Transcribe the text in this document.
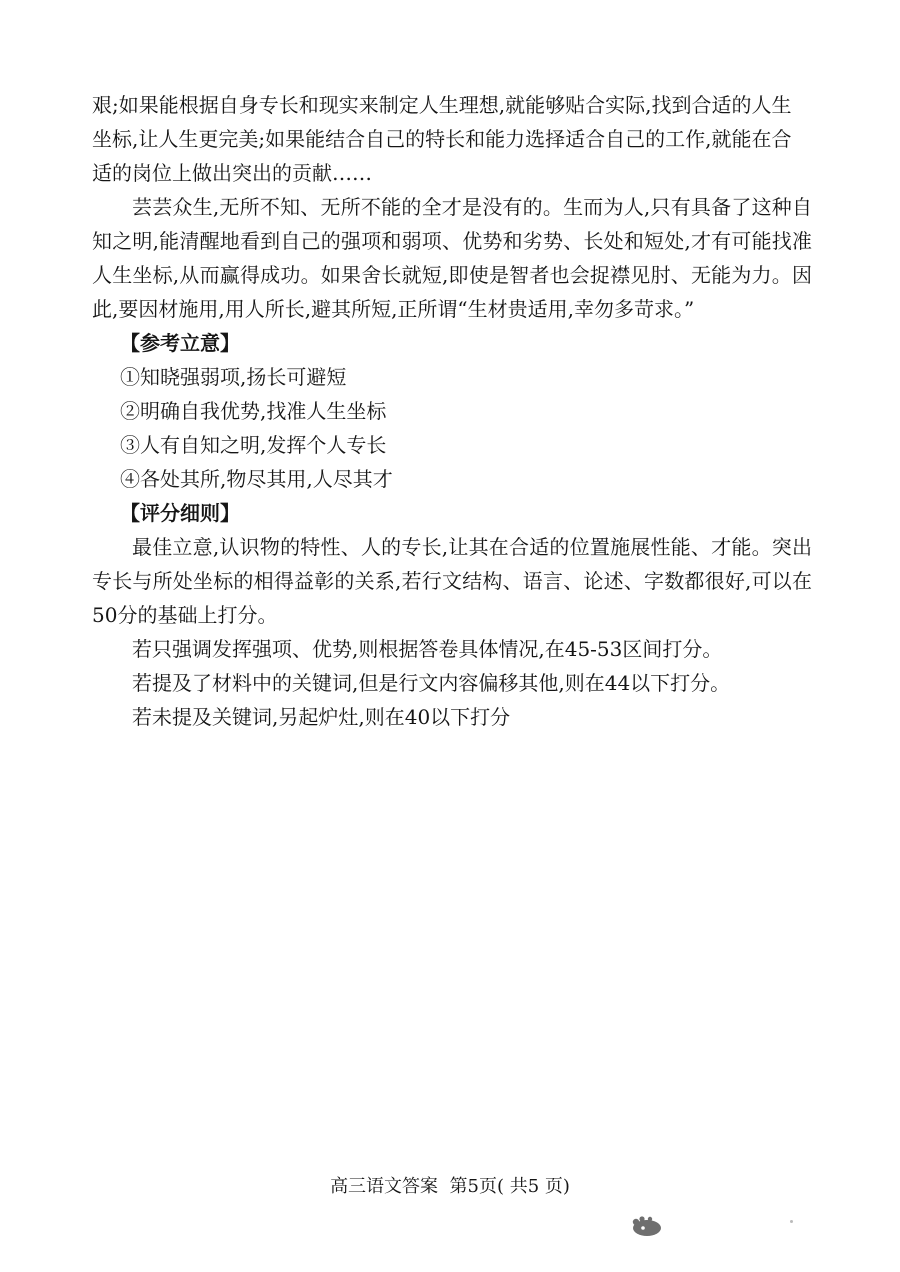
艰;如果能根据自身专长和现实来制定人生理想,就能够贴合实际,找到合适的人生

坐标,让人生更完美;如果能结合自己的特长和能力选择适合自己的工作,就能在合

适的岗位上做出突出的贡献……

芸芸众生,无所不知、无所不能的全才是没有的。生而为人,只有具备了这种自知之明,能清醒地看到自己的强项和弱项、优势和劣势、长处和短处,才有可能找准人生坐标,从而赢得成功。如果舍长就短,即使是智者也会捉襟见肘、无能为力。因此,要因材施用,用人所长,避其所短,正所谓“生材贵适用,幸勿多苛求。”

【参考立意】

①知晓强弱项,扬长可避短

②明确自我优势,找准人生坐标

③人有自知之明,发挥个人专长

④各处其所,物尽其用,人尽其才

【评分细则】

最佳立意,认识物的特性、人的专长,让其在合适的位置施展性能、才能。突出专长与所处坐标的相得益彰的关系,若行文结构、语言、论述、字数都很好,可以在50分的基础上打分。

若只强调发挥强项、优势,则根据答卷具体情况,在45-53区间打分。

若提及了材料中的关键词,但是行文内容偏移其他,则在44以下打分。

若未提及关键词,另起炉灶,则在40以下打分

高三语文答案 第5页( 共5 页)
